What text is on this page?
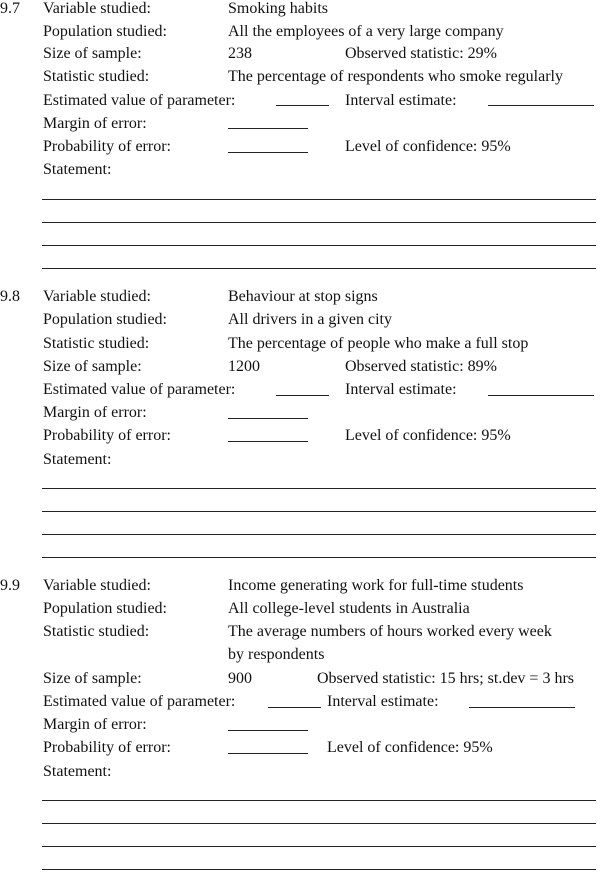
9.7 Variable studied:	Smoking habits
Population studied:	All the employees of a very large company
Size of sample:	238	Observed statistic: 29%
Statistic studied:	The percentage of respondents who smoke regularly
Estimated value of parameter:	Interval estimate:
Margin of error:
Probability of error:	Level of confidence: 95%
Statement:
9.8 Variable studied:	Behaviour at stop signs
Population studied:	All drivers in a given city
Statistic studied:	The percentage of people who make a full stop
Size of sample:	1200	Observed statistic: 89%
Estimated value of parameter:	Interval estimate:
Margin of error:
Probability of error:	Level of confidence: 95%
Statement:
9.9 Variable studied:	Income generating work for full-time students
Population studied:	All college-level students in Australia
Statistic studied:	The average numbers of hours worked every week
by respondents
Size of sample:	900	Observed statistic: 15 hrs; st.dev = 3 hrs
Estimated value of parameter:	Interval estimate:
Margin of error:
Probability of error:	Level of confidence: 95%
Statement:
